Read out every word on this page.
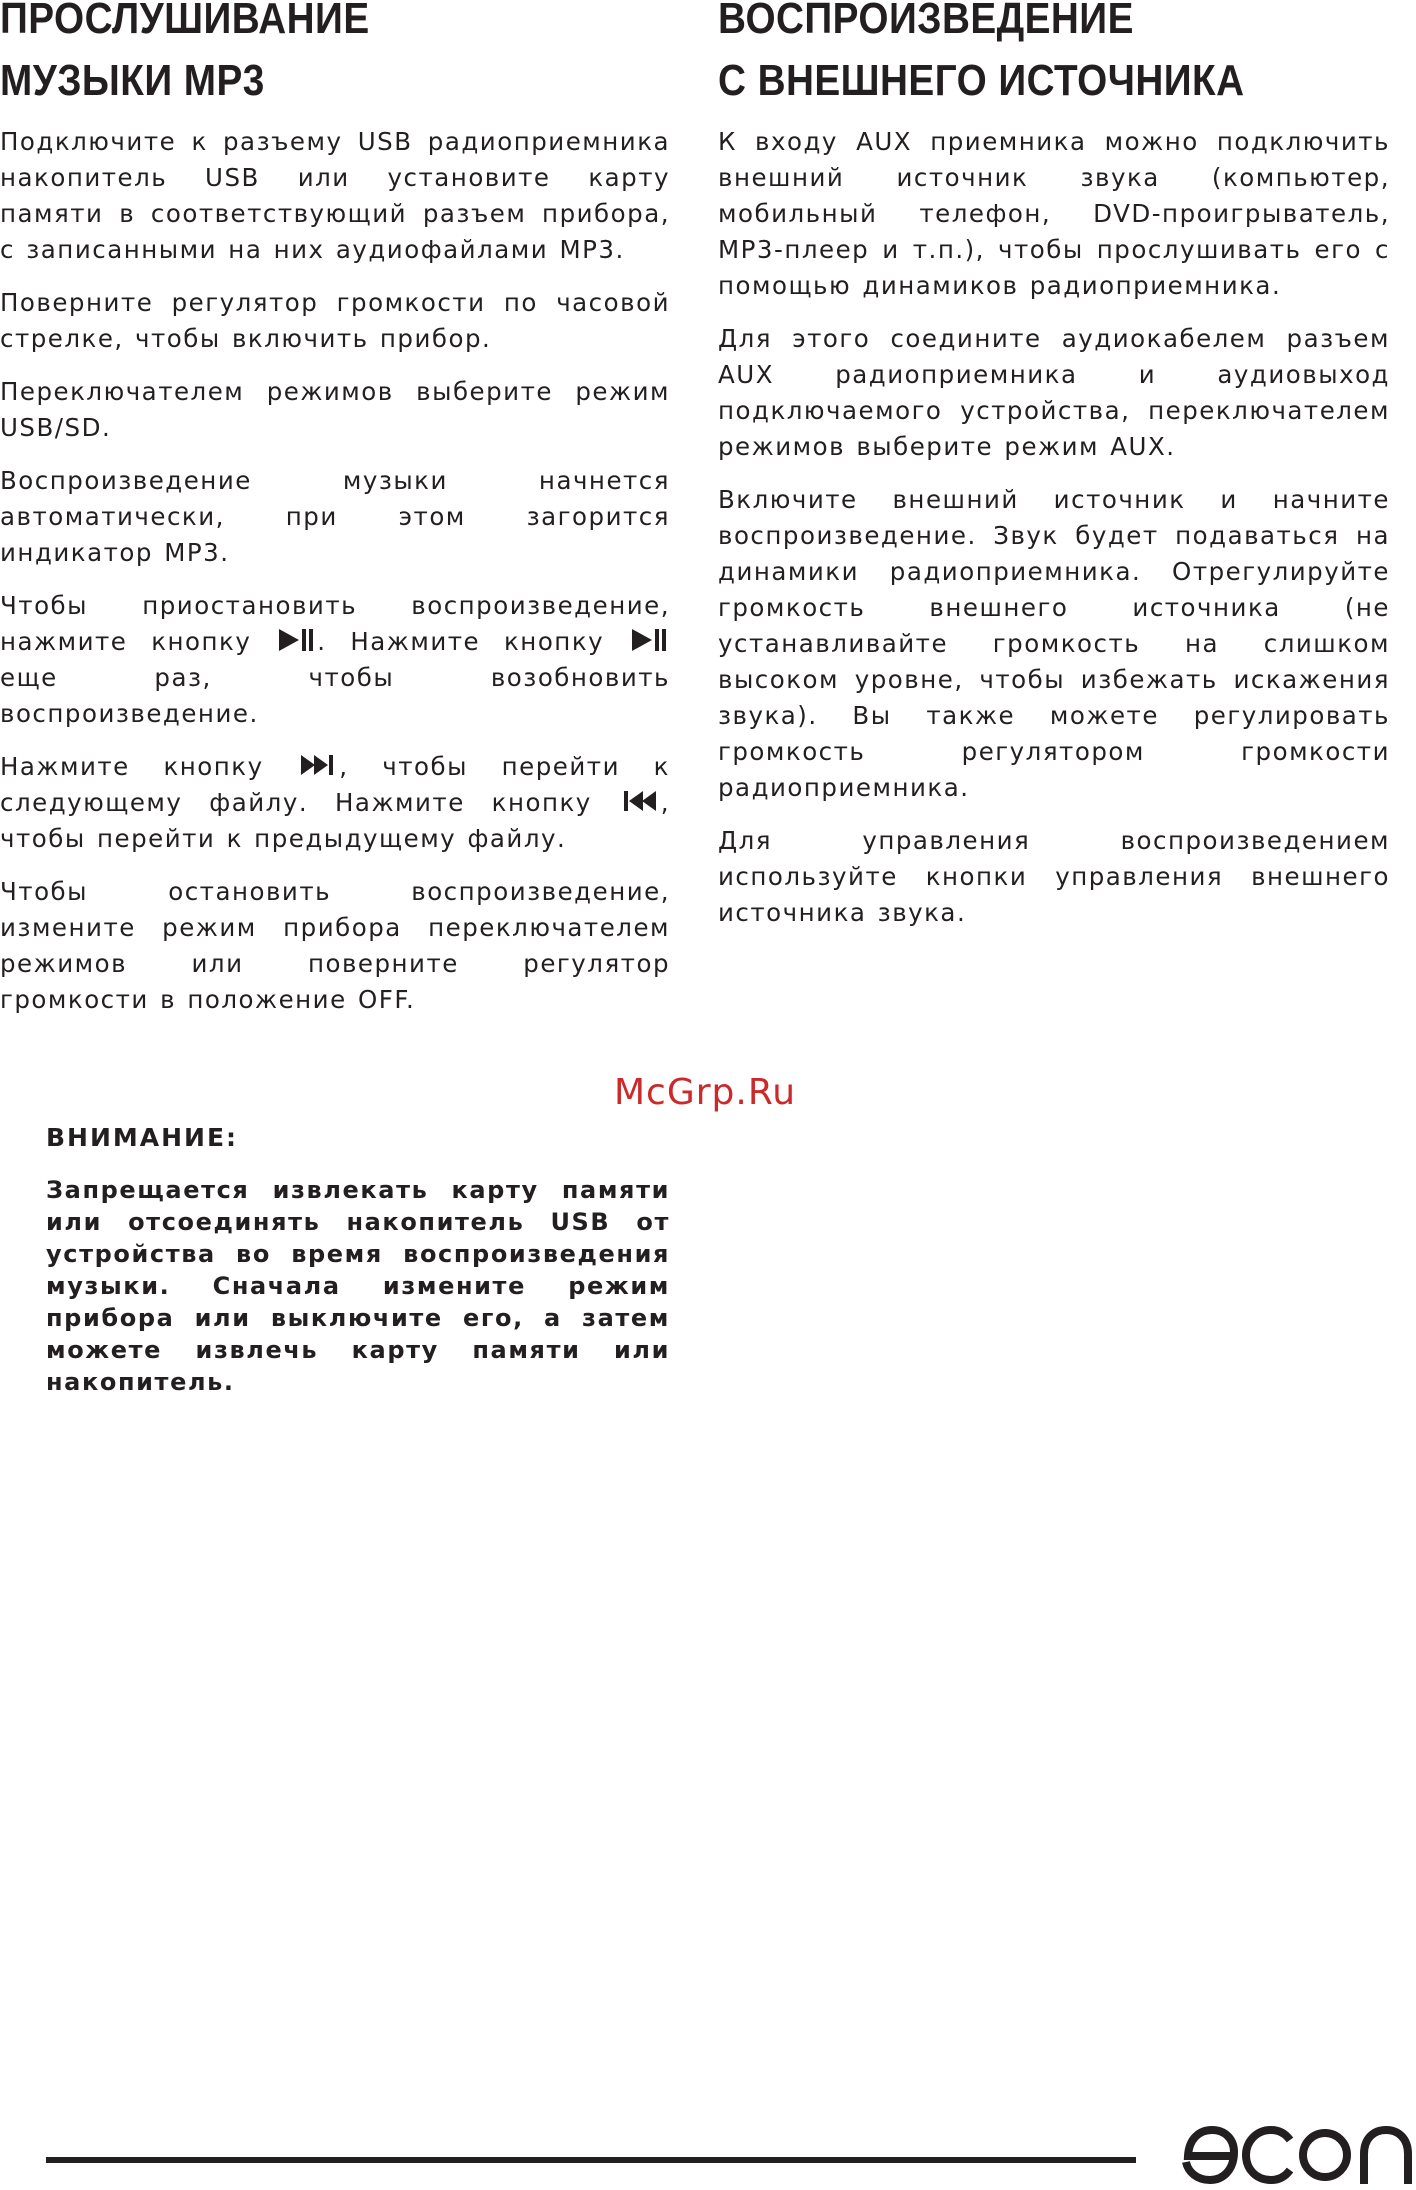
ПРОСЛУШИВАНИЕ
МУЗЫКИ MP3

Подключите к разъему USB радиоприемника накопитель USB или установите карту памяти в соответствующий разъем прибора, с записанными на них аудиофайлами MP3.

Поверните регулятор громкости по часовой стрелке, чтобы включить прибор.

Переключателем режимов выберите режим USB/SD.

Воспроизведение музыки начнется автоматически, при этом загорится индикатор MP3.

Чтобы приостановить воспроизведение, нажмите кнопку	. Нажмите кнопку
еще раз, чтобы возобновить воспроизведение.

Нажмите кнопку	, чтобы перейти к следующему файлу. Нажмите кнопку	, чтобы перейти к предыдущему файлу.

Чтобы остановить воспроизведение, измените режим прибора переключателем режимов или поверните регулятор громкости в положение OFF.

ВОСПРОИЗВЕДЕНИЕ
С ВНЕШНЕГО ИСТОЧНИКА

К входу AUX приемника можно подключить внешний источник звука (компьютер, мобильный телефон, DVD-проигрыватель, MP3-плеер и т.п.), чтобы прослушивать его с помощью динамиков радиоприемника.

Для этого соедините аудиокабелем разъем AUX радиоприемника и аудиовыход подключаемого устройства, переключателем режимов выберите режим AUX.

Включите внешний источник и начните воспроизведение. Звук будет подаваться на динамики радиоприемника. Отрегулируйте громкость внешнего источника (не устанавливайте громкость на слишком высоком уровне, чтобы избежать искажения звука). Вы также можете регулировать громкость регулятором громкости радиоприемника.

Для управления воспроизведением используйте кнопки управления внешнего источника звука.

McGrp.Ru

ВНИМАНИЕ:

Запрещается извлекать карту памяти или отсоединять накопитель USB от устройства во время воспроизведения музыки. Сначала измените режим прибора или выключите его, а затем можете извлечь карту памяти или накопитель.
